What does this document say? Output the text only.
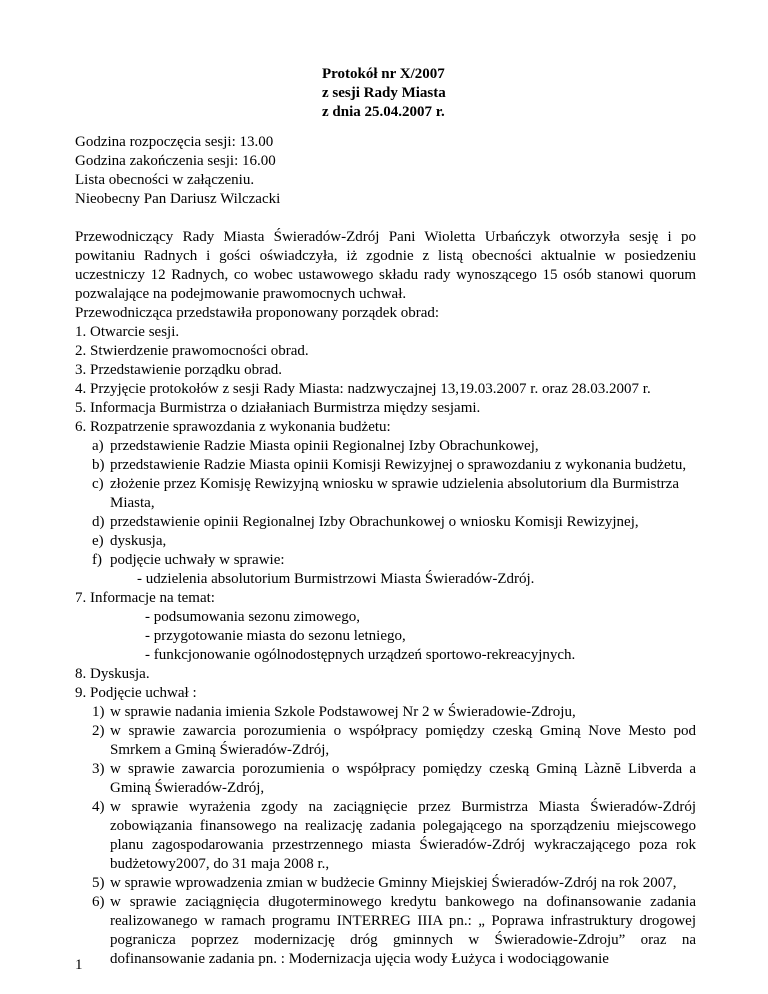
Protokół nr X/2007
z sesji Rady Miasta
z dnia 25.04.2007 r.

Godzina rozpoczęcia sesji: 13.00

Godzina zakończenia sesji: 16.00

Lista obecności w załączeniu.

Nieobecny Pan Dariusz Wilczacki

Przewodniczący Rady Miasta Świeradów-Zdrój Pani Wioletta Urbańczyk otworzyła sesję i po powitaniu Radnych i gości oświadczyła, iż zgodnie z listą obecności aktualnie w posiedzeniu uczestniczy 12 Radnych, co wobec ustawowego składu rady wynoszącego 15 osób stanowi quorum pozwalające na podejmowanie prawomocnych uchwał.

Przewodnicząca przedstawiła proponowany porządek obrad:

1. Otwarcie sesji.

2. Stwierdzenie prawomocności obrad.

3. Przedstawienie porządku obrad.

4. Przyjęcie protokołów z sesji Rady Miasta: nadzwyczajnej 13,19.03.2007 r. oraz 28.03.2007 r.

5. Informacja Burmistrza o działaniach Burmistrza między sesjami.

6. Rozpatrzenie sprawozdania z wykonania budżetu:

a) przedstawienie Radzie Miasta opinii Regionalnej Izby Obrachunkowej,
b) przedstawienie Radzie Miasta opinii Komisji Rewizyjnej o sprawozdaniu z wykonania budżetu,
c) złożenie przez Komisję Rewizyjną wniosku w sprawie udzielenia absolutorium dla Burmistrza Miasta,
d) przedstawienie opinii Regionalnej Izby Obrachunkowej o wniosku Komisji Rewizyjnej,
e) dyskusja,
f) podjęcie uchwały w sprawie:

- udzielenia absolutorium Burmistrzowi Miasta Świeradów-Zdrój.

7. Informacje na temat:

- podsumowania sezonu zimowego,

- przygotowanie miasta do sezonu letniego,

- funkcjonowanie ogólnodostępnych urządzeń sportowo-rekreacyjnych.

8. Dyskusja.

9. Podjęcie uchwał :

1) w sprawie nadania imienia Szkole Podstawowej Nr 2 w Świeradowie-Zdroju,
2) w sprawie zawarcia porozumienia o współpracy pomiędzy czeską Gminą Nove Mesto pod Smrkem a Gminą Świeradów-Zdrój,
3) w sprawie zawarcia porozumienia o współpracy pomiędzy czeską Gminą Làznĕ Libverda a Gminą Świeradów-Zdrój,
4) w sprawie wyrażenia zgody na zaciągnięcie przez Burmistrza Miasta Świeradów-Zdrój zobowiązania finansowego na realizację zadania polegającego na sporządzeniu miejscowego planu zagospodarowania przestrzennego miasta Świeradów-Zdrój wykraczającego poza rok budżetowy2007, do 31 maja 2008 r.,
5) w sprawie wprowadzenia zmian w budżecie Gminny Miejskiej Świeradów-Zdrój na rok 2007,
6) w sprawie zaciągnięcia długoterminowego kredytu bankowego na dofinansowanie zadania realizowanego w ramach programu INTERREG IIIA pn.: „ Poprawa infrastruktury drogowej pogranicza poprzez modernizację dróg gminnych w Świeradowie-Zdroju” oraz na dofinansowanie zadania pn. : Modernizacja ujęcia wody Łużyca i wodociągowanie
1
